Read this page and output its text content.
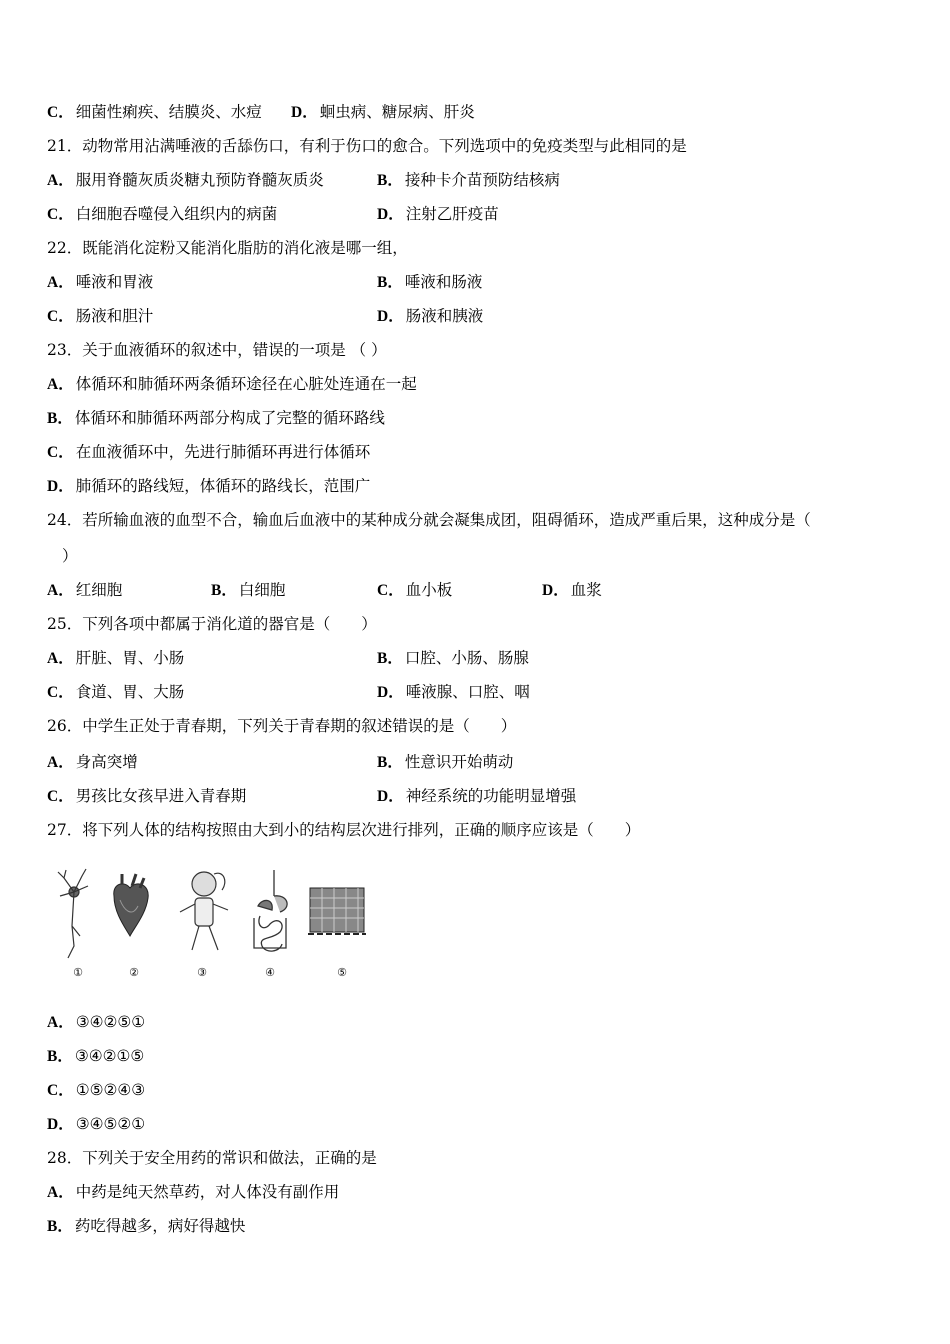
C． 细菌性痢疾、结膜炎、水痘 D． 蛔虫病、糖尿病、肝炎
21．动物常用沾满唾液的舌舔伤口，有利于伤口的愈合。下列选项中的免疫类型与此相同的是
A． 服用脊髓灰质炎糖丸预防脊髓灰质炎	B． 接种卡介苗预防结核病
C． 白细胞吞噬侵入组织内的病菌	D． 注射乙肝疫苗
22．既能消化淀粉又能消化脂肪的消化液是哪一组，
A． 唾液和胃液	B． 唾液和肠液
C． 肠液和胆汁	D． 肠液和胰液
23．关于血液循环的叙述中，错误的一项是 （ ）
A． 体循环和肺循环两条循环途径在心脏处连通在一起
B． 体循环和肺循环两部分构成了完整的循环路线
C． 在血液循环中，先进行肺循环再进行体循环
D． 肺循环的路线短，体循环的路线长，范围广
24．若所输血液的血型不合，输血后血液中的某种成分就会凝集成团，阻碍循环，造成严重后果，这种成分是（
）
A． 红细胞	B． 白细胞	C． 血小板	D． 血浆
25．下列各项中都属于消化道的器官是（　　）
A． 肝脏、胃、小肠	B． 口腔、小肠、肠腺
C． 食道、胃、大肠	D． 唾液腺、口腔、咽
26．中学生正处于青春期，下列关于青春期的叙述错误的是（　　）
A． 身高突增	B． 性意识开始萌动
C． 男孩比女孩早进入青春期	D． 神经系统的功能明显增强
27．将下列人体的结构按照由大到小的结构层次进行排列，正确的顺序应该是（　　）
A． ③④②⑤①
B． ③④②①⑤
C． ①⑤②④③
D． ③④⑤②①
28．下列关于安全用药的常识和做法，正确的是
A． 中药是纯天然草药，对人体没有副作用
B． 药吃得越多，病好得越快
①	②	③	④	⑤
